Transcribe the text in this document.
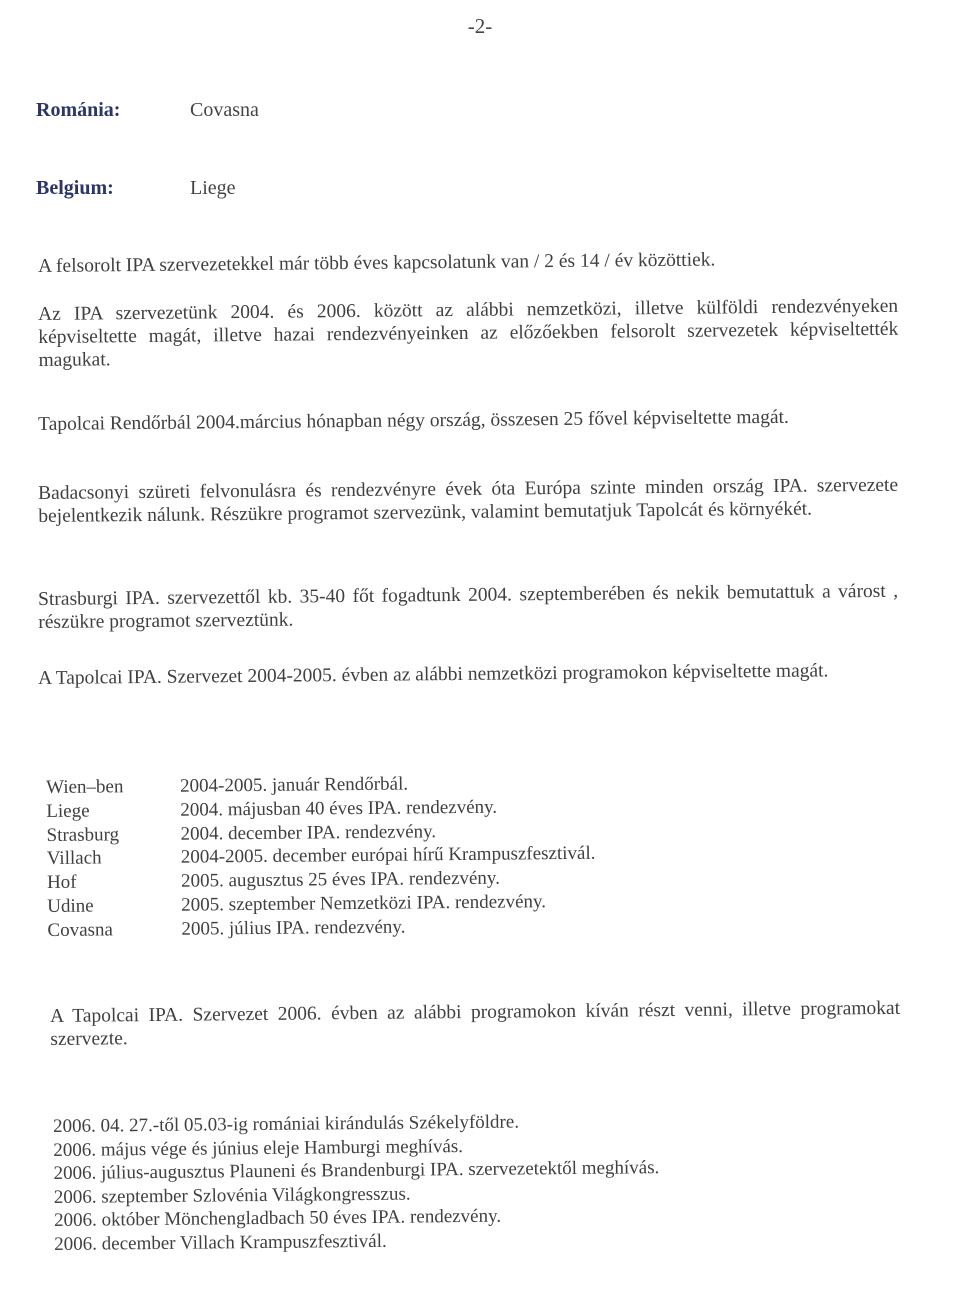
-2-
Románia:	Covasna
Belgium:	Liege
A felsorolt IPA szervezetekkel már több éves kapcsolatunk van / 2 és 14 / év közöttiek.
Az IPA szervezetünk 2004. és 2006. között az alábbi nemzetközi, illetve külföldi rendezvényeken képviseltette magát, illetve hazai rendezvényeinken az előzőekben felsorolt szervezetek képviseltették magukat.
Tapolcai Rendőrbál 2004.március hónapban négy ország, összesen 25 fővel képviseltette magát.
Badacsonyi szüreti felvonulásra és rendezvényre évek óta Európa szinte minden ország IPA. szervezete bejelentkezik nálunk. Részükre programot szervezünk, valamint bemutatjuk Tapolcát és környékét.
Strasburgi IPA. szervezettől kb. 35-40 főt fogadtunk 2004. szeptemberében és nekik bemutattuk a várost , részükre programot szerveztünk.
A Tapolcai IPA. Szervezet 2004-2005. évben az alábbi nemzetközi programokon képviseltette magát.
Wien–ben	2004-2005. január Rendőrbál.
Liege	2004. májusban 40 éves IPA. rendezvény.
Strasburg	2004. december IPA. rendezvény.
Villach	2004-2005. december európai hírű Krampuszfesztivál.
Hof	2005. augusztus 25 éves IPA. rendezvény.
Udine	2005. szeptember Nemzetközi IPA. rendezvény.
Covasna	2005. július IPA. rendezvény.
A Tapolcai IPA. Szervezet 2006. évben az alábbi programokon kíván részt venni, illetve programokat szervezte.
2006. 04. 27.-től 05.03-ig romániai kirándulás Székelyföldre.
2006. május vége és június eleje Hamburgi meghívás.
2006. július-augusztus Plauneni és Brandenburgi IPA. szervezetektől meghívás.
2006. szeptember Szlovénia Világkongresszus.
2006. október Mönchengladbach 50 éves IPA. rendezvény.
2006. december Villach Krampuszfesztivál.
